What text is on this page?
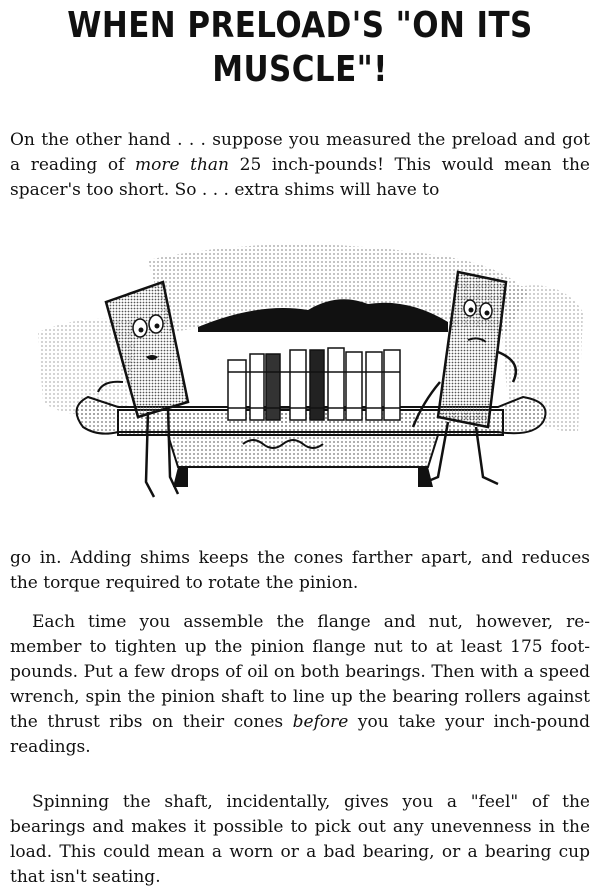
WHEN PRELOAD'S "ON ITS
MUSCLE"!

On the other hand . . . suppose you measured the preload and got a reading of more than 25 inch-pounds! This would mean the spacer's too short. So . . . extra shims will have to

go in. Adding shims keeps the cones farther apart, and reduces the torque required to rotate the pinion.

Each time you assemble the flange and nut, however, re-member to tighten up the pinion flange nut to at least 175 foot-pounds. Put a few drops of oil on both bearings. Then with a speed wrench, spin the pinion shaft to line up the bearing rollers against the thrust ribs on their cones before you take your inch-pound readings.

Spinning the shaft, incidentally, gives you a "feel" of the bearings and makes it possible to pick out any unevenness in the load. This could mean a worn or a bad bearing, or a bearing cup that isn't seating.
